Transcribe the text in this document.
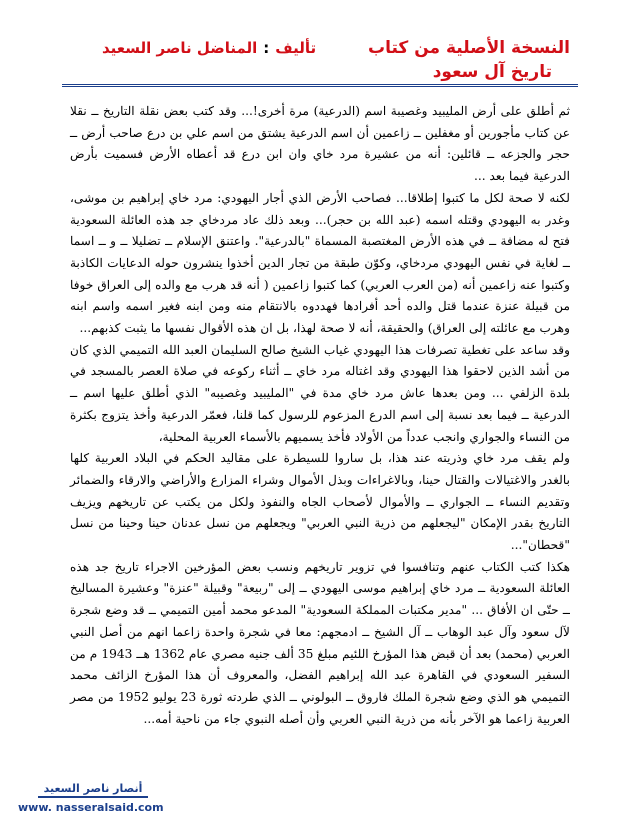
النسخة الأصلية من كتاب
تاريخ آل سعود
تأليف:المناضل ناصر السعيد

ثم أطلق على أرض المليبيد وغصيبة اسم (الدرعية) مرة أخرى!... وقد كتب بعض نقلة التاريخ ــ نقلا عن كتاب مأجورين أو مغفلين ــ زاعمين أن اسم الدرعية يشتق من اسم علي بن درع صاحب أرض ــ حجر والجزعه ــ قائلين: أنه من عشيرة مرد خاي وان ابن درع قد أعطاه الأرض فسميت بأرض الدرعية فيما بعد ...

لكنه لا صحة لكل ما كتبوا إطلاقا... فصاحب الأرض الذي أجار اليهودي: مرد خاي إبراهيم بن موشى، وغدر به اليهودي وقتله اسمه (عبد الله بن حجر)... وبعد ذلك عاد مردخاي جد هذه العائلة السعودية فتح له مضافة ــ في هذه الأرض المغتصبة المسماة "بالدرعية". واعتنق الإسلام ــ تضليلا ــ و ــ اسما ــ لغاية في نفس اليهودي مردخاي، وكوّن طبقة من تجار الدين أخذوا ينشرون حوله الدعايات الكاذبة وكتبوا عنه زاعمين أنه (من العرب العربي) كما كتبوا زاعمين ( أنه قد هرب مع والده إلى العراق خوفا من قبيلة عنزة عندما قتل والده أحد أفرادها فهددوه بالانتقام منه ومن ابنه فغير اسمه واسم ابنه وهرب مع عائلته إلى العراق) والحقيقة، أنه لا صحة لهذا، بل ان هذه الأقوال نفسها ما يثبت كذبهم...

وقد ساعد على تغطية تصرفات هذا اليهودي غياب الشيخ صالح السليمان العبد الله التميمي الذي كان من أشد الذين لاحقوا هذا اليهودي وقد اغتاله مرد خاي ــ أثناء ركوعه في صلاة العصر بالمسجد في بلدة الزلفي ... ومن بعدها عاش مرد خاي مدة في "المليبيد وغصيبه" الذي أطلق عليها اسم ــ الدرعية ــ فيما بعد نسبة إلى اسم الدرع المزعوم للرسول كما قلنا، فعمّر الدرعية وأخذ يتزوج بكثرة من النساء والجواري وانجب عدداً من الأولاد فأخذ يسميهم بالأسماء العربية المحلية،

ولم يقف مرد خاي وذريته عند هذا، بل ساروا للسيطرة على مقاليد الحكم في البلاد العربية كلها بالغدر والاغتيالات والقتال حينا، وبالاغراءات وبذل الأموال وشراء المزارع والأراضي والارقاء والضمائر وتقديم النساء ــ الجواري ــ والأموال لأصحاب الجاه والنفوذ ولكل من يكتب عن تاريخهم ويزيف التاريخ بقدر الإمكان "ليجعلهم من ذرية النبي العربي" ويجعلهم من نسل عدنان حينا وحينا من نسل "قحطان"...

هكذا كتب الكتاب عنهم وتنافسوا في تزوير تاريخهم ونسب بعض المؤرخين الاجراء تاريخ جد هذه العائلة السعودية ــ مرد خاي إبراهيم موسى اليهودي ــ إلى "ربيعة" وقبيلة "عنزة" وعشيرة المساليخ ــ حتّى ان الأفاق ... "مدير مكتبات المملكة السعودية" المدعو محمد أمين التميمي ــ قد وضع شجرة لآل سعود وآل عبد الوهاب ــ آل الشيخ ــ ادمجهم: معا في شجرة واحدة زاعما انهم من أصل النبي العربي (محمد) بعد أن قبض هذا المؤرخ اللئيم مبلغ 35 ألف جنيه مصري عام 1362 هــ 1943 م من السفير السعودي في القاهرة عبد الله إبراهيم الفضل، والمعروف أن هذا المؤرخ الزائف محمد التميمي هو الذي وضع شجرة الملك فاروق ــ البولوني ــ الذي طردته ثورة 23 يوليو 1952 من مصر العربية زاعما هو الآخر بأنه من ذرية النبي العربي وأن أصله النبوي جاء من ناحية أمه...

أنصار ناصر السعيد
www. nasseralsaid.com
